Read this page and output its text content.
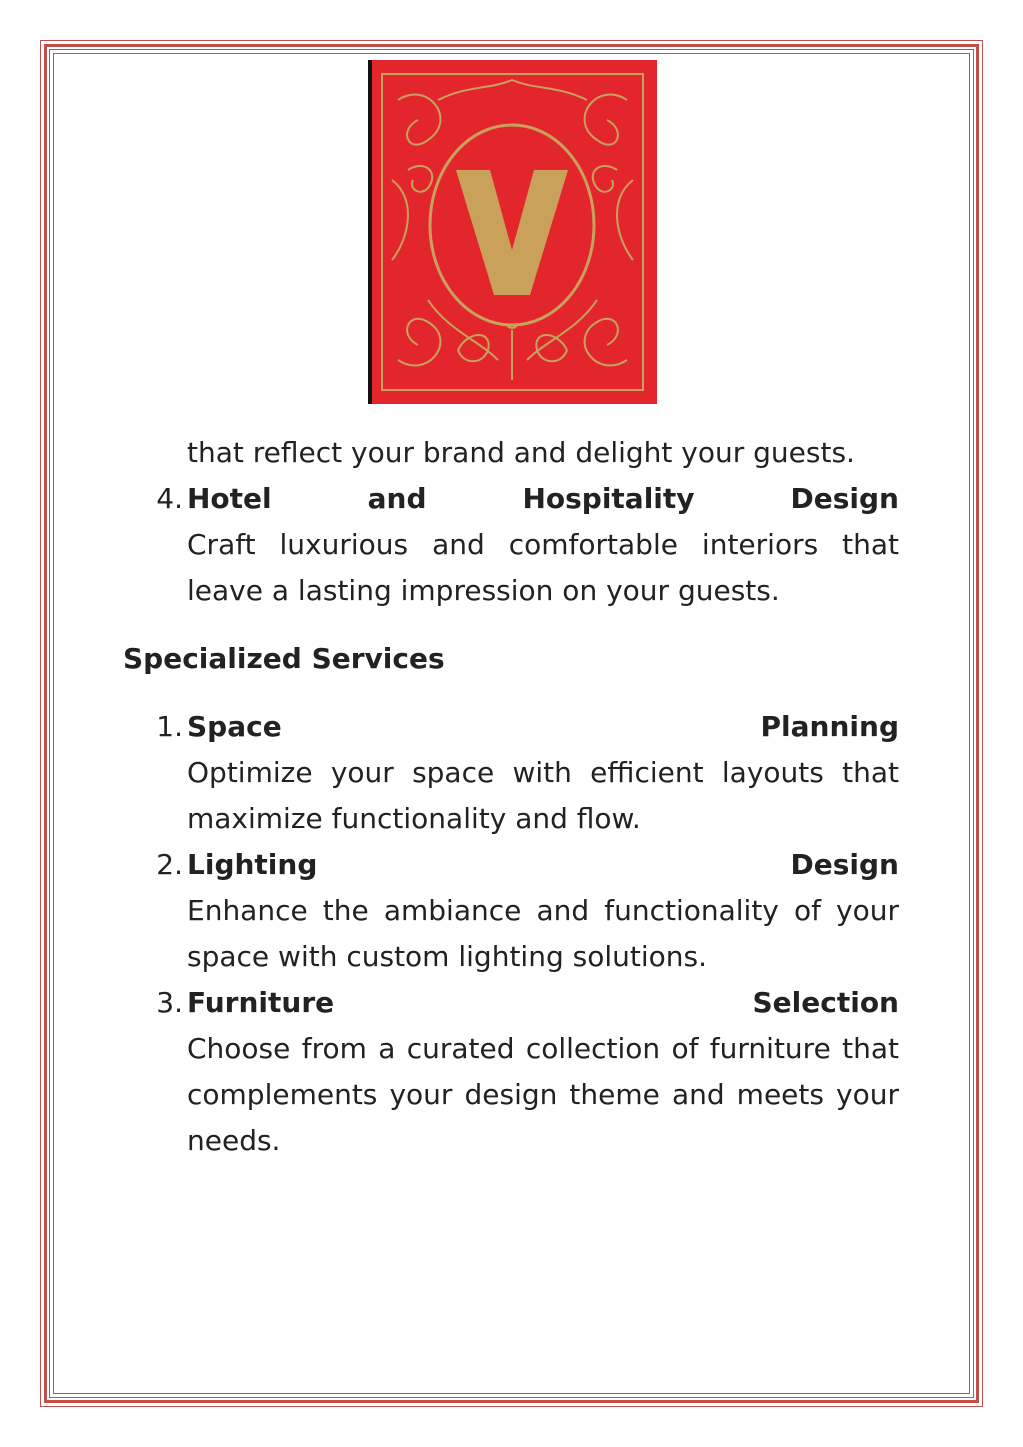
that reflect your brand and delight your guests.
4. Hotel	and	Hospitality	Design
Craft luxurious and comfortable interiors that leave a lasting impression on your guests.
Specialized Services
1. Space	Planning
Optimize your space with efficient layouts that maximize functionality and flow.
2. Lighting	Design
Enhance the ambiance and functionality of your space with custom lighting solutions.
3. Furniture	Selection
Choose from a curated collection of furniture that complements your design theme and meets your needs.
